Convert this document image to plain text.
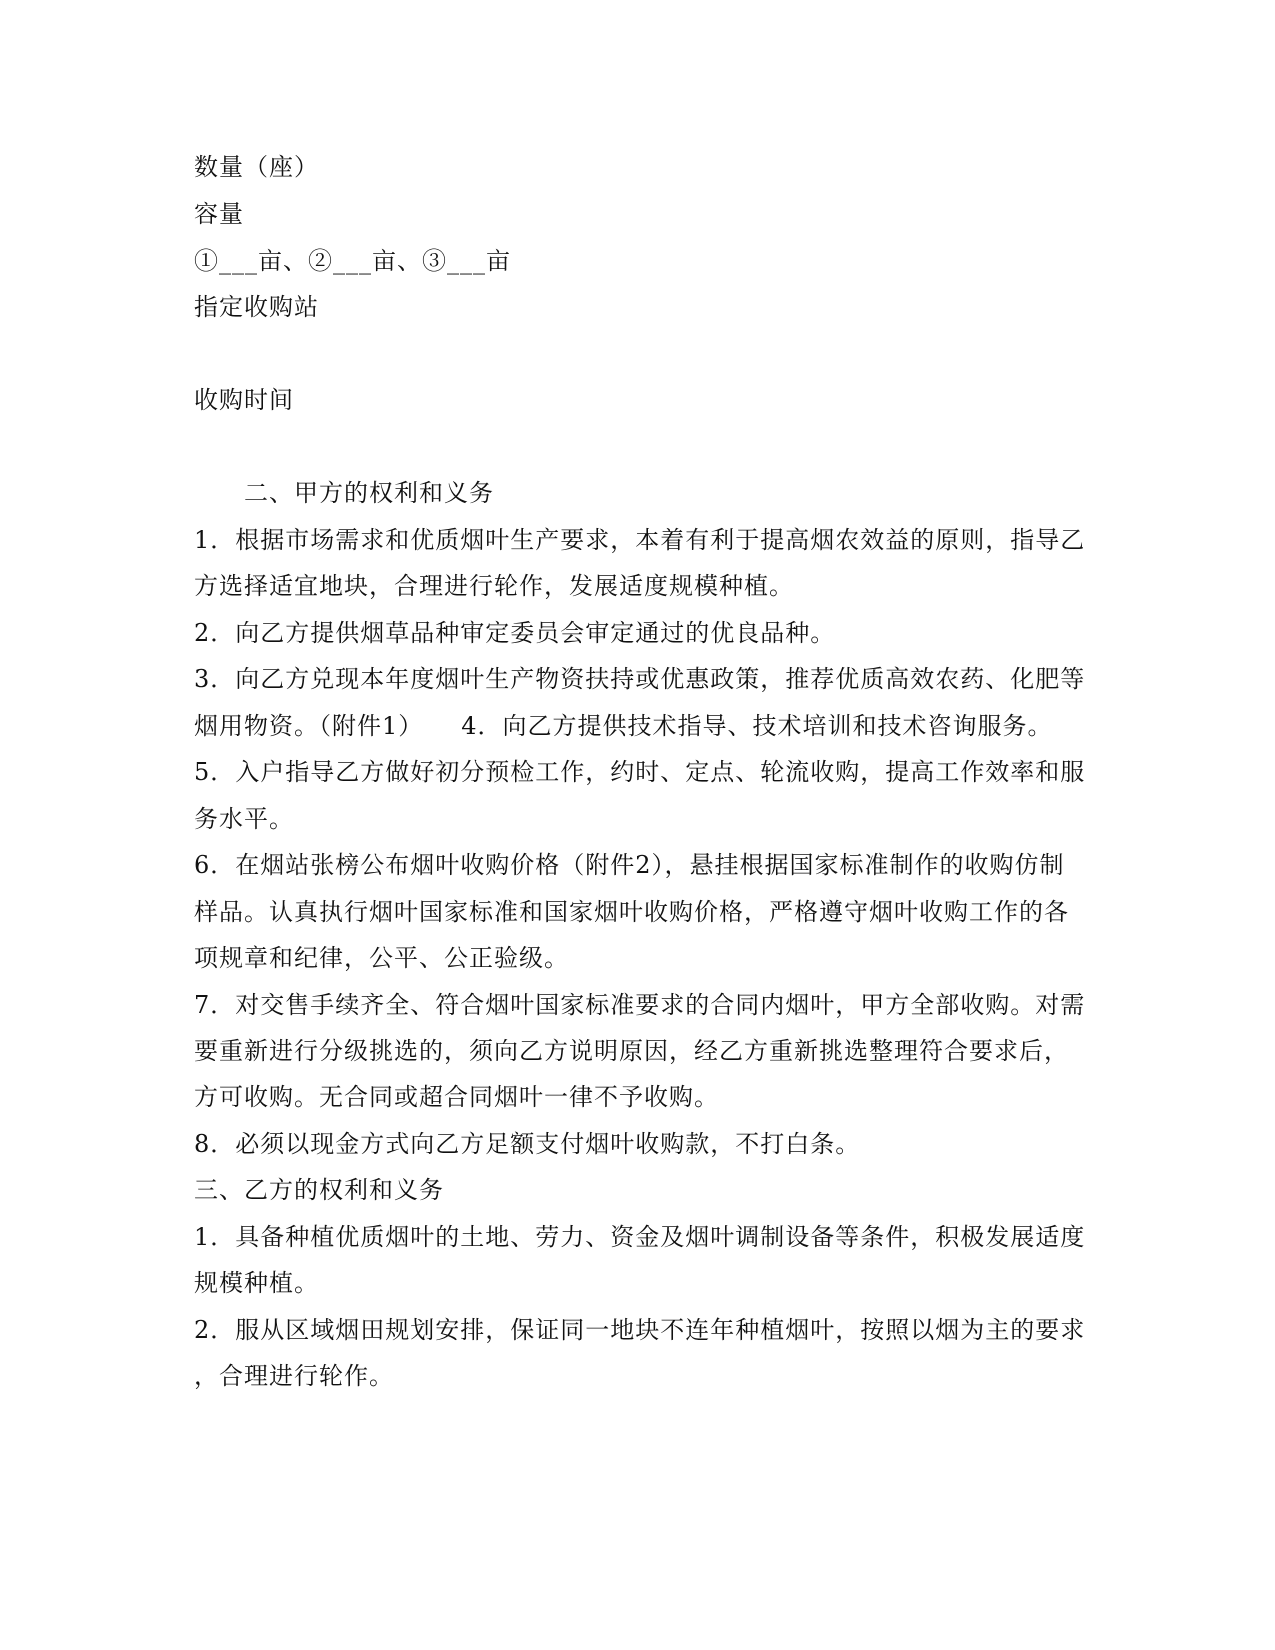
数量（座）
容量
①___亩、②___亩、③___亩
指定收购站
收购时间
二、甲方的权利和义务
1．根据市场需求和优质烟叶生产要求，本着有利于提高烟农效益的原则，指导乙
方选择适宜地块，合理进行轮作，发展适度规模种植。
2．向乙方提供烟草品种审定委员会审定通过的优良品种。
3．向乙方兑现本年度烟叶生产物资扶持或优惠政策，推荐优质高效农药、化肥等
烟用物资。（附件1）　　4．向乙方提供技术指导、技术培训和技术咨询服务。
5．入户指导乙方做好初分预检工作，约时、定点、轮流收购，提高工作效率和服
务水平。
6．在烟站张榜公布烟叶收购价格（附件2），悬挂根据国家标准制作的收购仿制
样品。认真执行烟叶国家标准和国家烟叶收购价格，严格遵守烟叶收购工作的各
项规章和纪律，公平、公正验级。
7．对交售手续齐全、符合烟叶国家标准要求的合同内烟叶，甲方全部收购。对需
要重新进行分级挑选的，须向乙方说明原因，经乙方重新挑选整理符合要求后，
方可收购。无合同或超合同烟叶一律不予收购。
8．必须以现金方式向乙方足额支付烟叶收购款，不打白条。
三、乙方的权利和义务
1．具备种植优质烟叶的土地、劳力、资金及烟叶调制设备等条件，积极发展适度
规模种植。
2．服从区域烟田规划安排，保证同一地块不连年种植烟叶，按照以烟为主的要求
，合理进行轮作。
